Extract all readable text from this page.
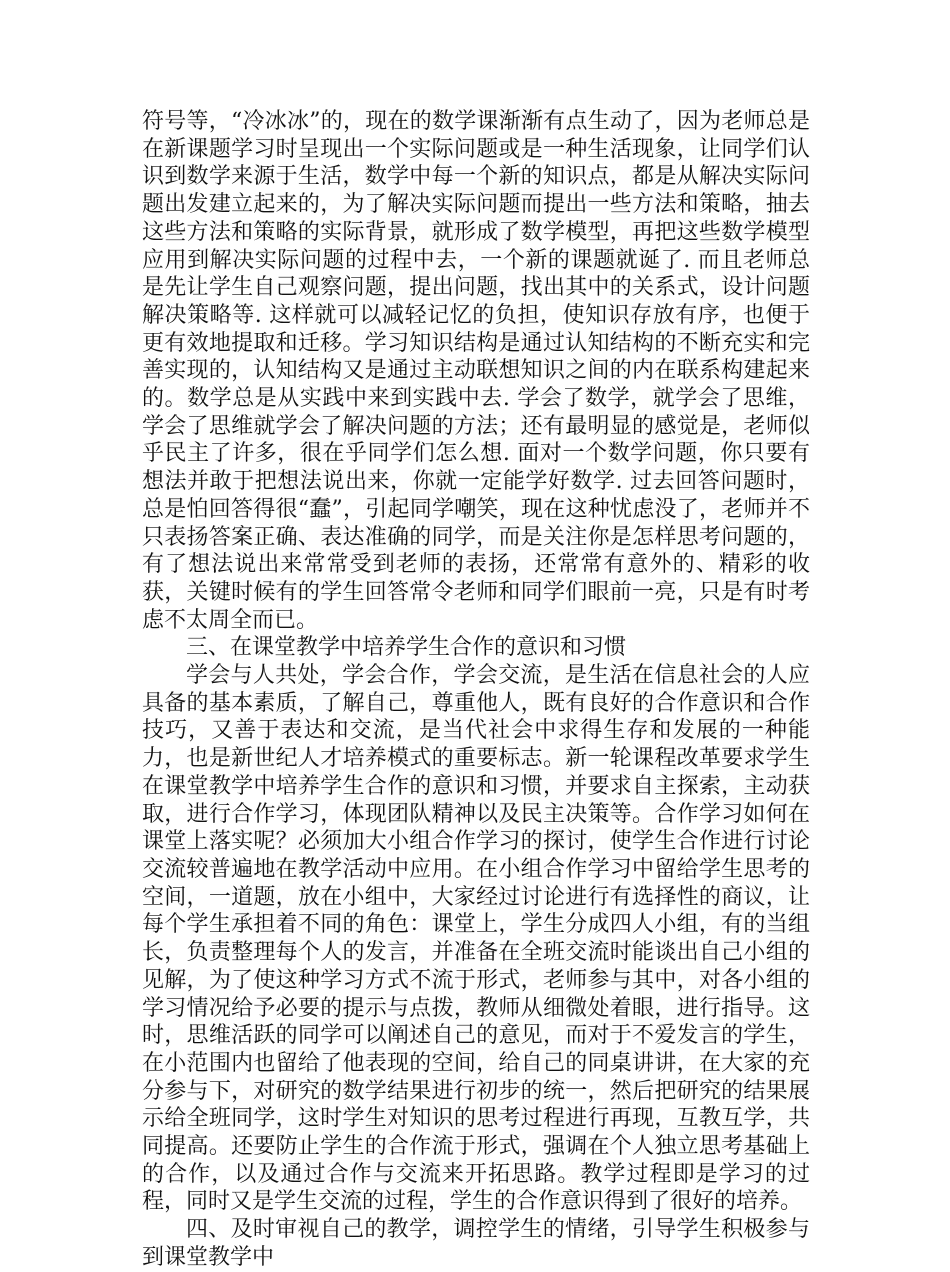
符号等，“冷冰冰”的，现在的数学课渐渐有点生动了，因为老师总是在新课题学习时呈现出一个实际问题或是一种生活现象，让同学们认识到数学来源于生活，数学中每一个新的知识点，都是从解决实际问题出发建立起来的，为了解决实际问题而提出一些方法和策略，抽去这些方法和策略的实际背景，就形成了数学模型，再把这些数学模型应用到解决实际问题的过程中去，一个新的课题就诞了. 而且老师总是先让学生自己观察问题，提出问题，找出其中的关系式，设计问题解决策略等. 这样就可以减轻记忆的负担，使知识存放有序，也便于更有效地提取和迁移。学习知识结构是通过认知结构的不断充实和完善实现的，认知结构又是通过主动联想知识之间的内在联系构建起来的。数学总是从实践中来到实践中去. 学会了数学，就学会了思维，学会了思维就学会了解决问题的方法；还有最明显的感觉是，老师似乎民主了许多，很在乎同学们怎么想. 面对一个数学问题，你只要有想法并敢于把想法说出来，你就一定能学好数学. 过去回答问题时，总是怕回答得很“蠢”，引起同学嘲笑，现在这种忧虑没了，老师并不只表扬答案正确、表达准确的同学，而是关注你是怎样思考问题的，有了想法说出来常常受到老师的表扬，还常常有意外的、精彩的收获，关键时候有的学生回答常令老师和同学们眼前一亮，只是有时考虑不太周全而已。

三、在课堂教学中培养学生合作的意识和习惯

学会与人共处，学会合作，学会交流，是生活在信息社会的人应具备的基本素质，了解自己，尊重他人，既有良好的合作意识和合作技巧，又善于表达和交流，是当代社会中求得生存和发展的一种能力，也是新世纪人才培养模式的重要标志。新一轮课程改革要求学生在课堂教学中培养学生合作的意识和习惯，并要求自主探索，主动获取，进行合作学习，体现团队精神以及民主决策等。合作学习如何在课堂上落实呢？必须加大小组合作学习的探讨，使学生合作进行讨论交流较普遍地在教学活动中应用。在小组合作学习中留给学生思考的空间，一道题，放在小组中，大家经过讨论进行有选择性的商议，让每个学生承担着不同的角色：课堂上，学生分成四人小组，有的当组长，负责整理每个人的发言，并准备在全班交流时能谈出自己小组的见解，为了使这种学习方式不流于形式，老师参与其中，对各小组的学习情况给予必要的提示与点拨，教师从细微处着眼，进行指导。这时，思维活跃的同学可以阐述自己的意见，而对于不爱发言的学生，在小范围内也留给了他表现的空间，给自己的同桌讲讲，在大家的充分参与下，对研究的数学结果进行初步的统一，然后把研究的结果展示给全班同学，这时学生对知识的思考过程进行再现，互教互学，共同提高。还要防止学生的合作流于形式，强调在个人独立思考基础上的合作，以及通过合作与交流来开拓思路。教学过程即是学习的过程，同时又是学生交流的过程，学生的合作意识得到了很好的培养。

四、及时审视自己的教学，调控学生的情绪，引导学生积极参与到课堂教学中
